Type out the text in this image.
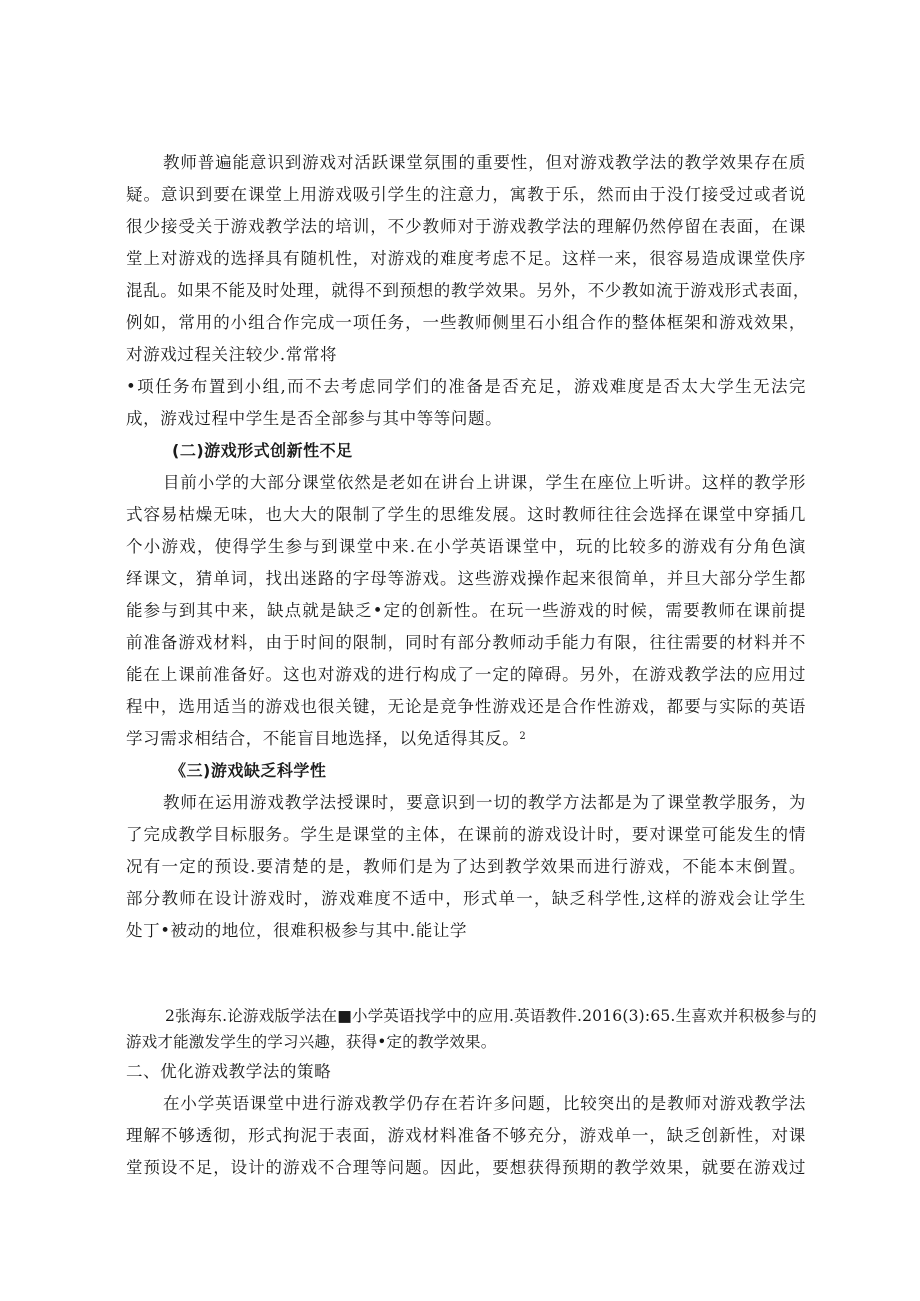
教师普遍能意识到游戏对活跃课堂氛围的重要性，但对游戏教学法的教学效果存在质
疑。意识到要在课堂上用游戏吸引学生的注意力，寓教于乐，然而由于没仃接受过或者说
很少接受关于游戏教学法的培训，不少教师对于游戏教学法的理解仍然停留在表面，在课
堂上对游戏的选择具有随机性，对游戏的难度考虑不足。这样一来，很容易造成课堂佚序
混乱。如果不能及时处理，就得不到预想的教学效果。另外，不少教如流于游戏形式表面，
例如，常用的小组合作完成一项任务，一些教师侧里石小组合作的整体框架和游戏效果，
对游戏过程关注较少.常常将
•项任务布置到小组,而不去考虑同学们的准备是否充足，游戏难度是否太大学生无法完
成，游戏过程中学生是否全部参与其中等等问题。
(二)游戏形式创新性不足
目前小学的大部分课堂依然是老如在讲台上讲课，学生在座位上听讲。这样的教学形
式容易枯燥无味，也大大的限制了学生的思维发展。这时教师往往会选择在课堂中穿插几
个小游戏，使得学生参与到课堂中来.在小学英语课堂中，玩的比较多的游戏有分角色演
绎课文，猜单词，找出迷路的字母等游戏。这些游戏操作起来很简单，并旦大部分学生都
能参与到其中来，缺点就是缺乏•定的创新性。在玩一些游戏的时候，需要教师在课前提
前准备游戏材料，由于时间的限制，同时有部分教师动手能力有限，往往需要的材料并不
能在上课前准备好。这也对游戏的进行构成了一定的障碍。另外，在游戏教学法的应用过
程中，选用适当的游戏也很关键，无论是竞争性游戏还是合作性游戏，都要与实际的英语
学习需求相结合，不能盲目地选择，以免适得其反。$^2$
《三)游戏缺乏科学性
教师在运用游戏教学法授课时，要意识到一切的教学方法都是为了课堂教学服务，为
了完成教学目标服务。学生是课堂的主体，在课前的游戏设计时，要对课堂可能发生的情
况有一定的预设.要清楚的是，教师们是为了达到教学效果而进行游戏，不能本末倒置。
部分教师在设计游戏时，游戏难度不适中，形式单一，缺乏科学性,这样的游戏会让学生
处丁•被动的地位，很难积极参与其中.能让学
2张海东.论游戏版学法在■小学英语找学中的应用.英语教件.2016(3):65.生喜欢并积极参与的
游戏才能激发学生的学习兴趣，获得•定的教学效果。
二、优化游戏教学法的策略
在小学英语课堂中进行游戏教学仍存在若许多问题，比较突出的是教师对游戏教学法
理解不够透彻，形式拘泥于表面，游戏材料准备不够充分，游戏单一，缺乏创新性，对课
堂预设不足，设计的游戏不合理等问题。因此，要想获得预期的教学效果，就要在游戏过
